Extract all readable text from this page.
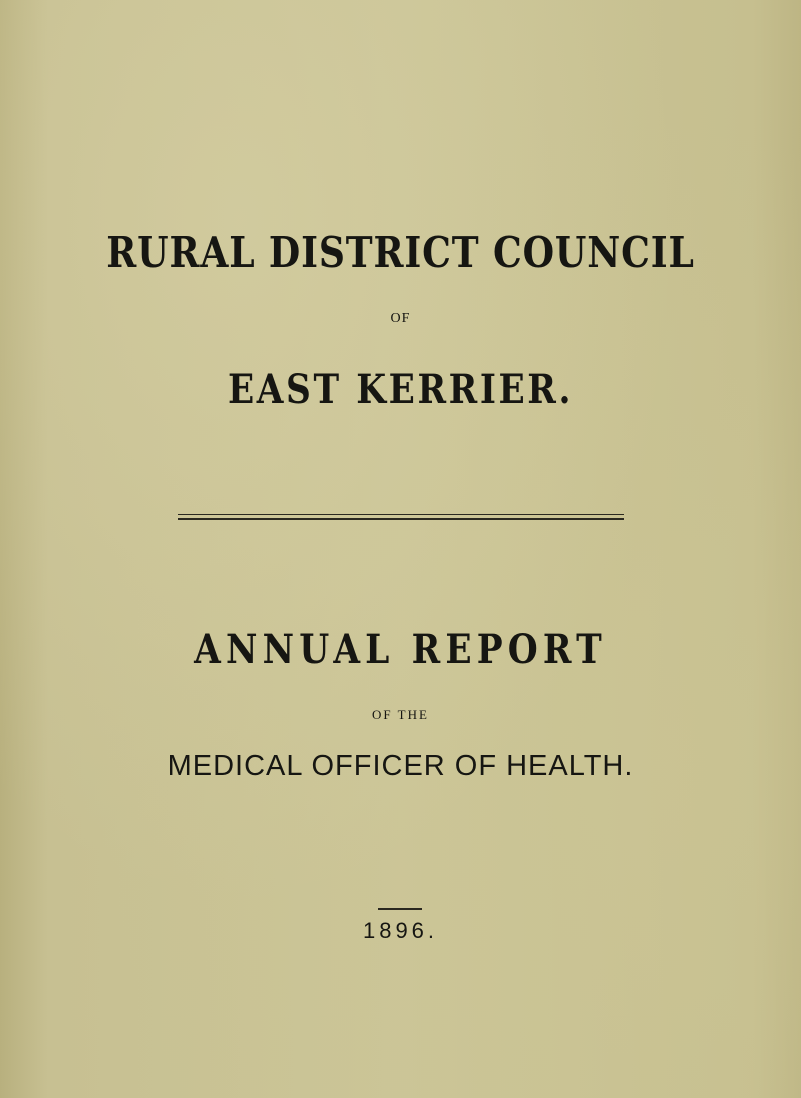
RURAL DISTRICT COUNCIL
OF
EAST KERRIER.
ANNUAL REPORT
OF THE
MEDICAL OFFICER OF HEALTH.
1896.
